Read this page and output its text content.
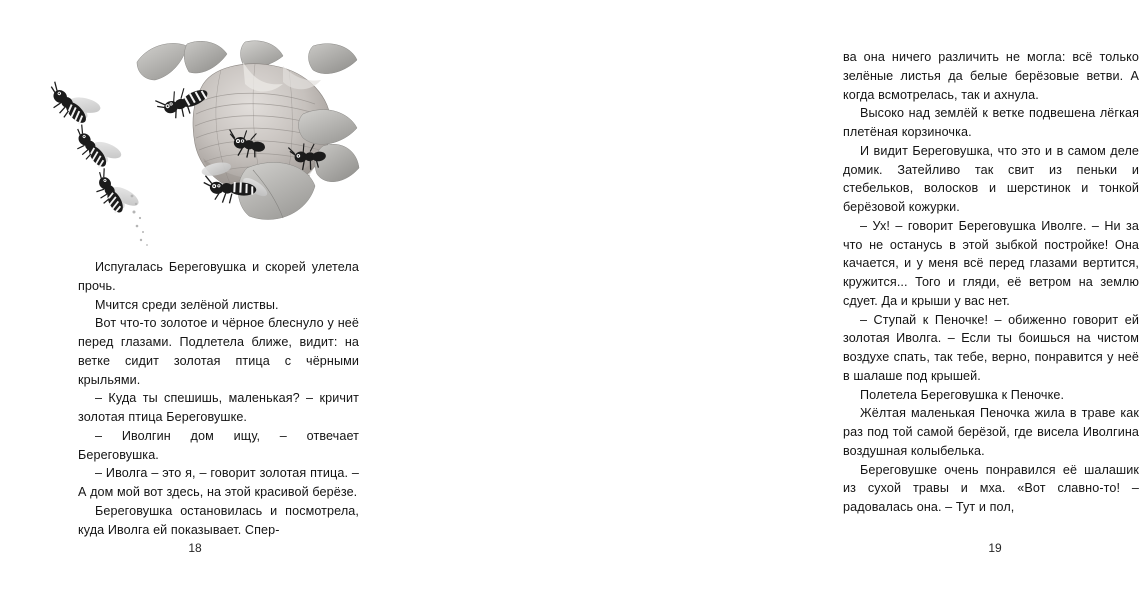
Испугалась Береговушка и скорей улетела прочь.

Мчится среди зелёной листвы.

Вот что-то золотое и чёрное блеснуло у неё перед глазами. Подлетела ближе, видит: на ветке сидит золотая птица с чёрными крыльями.

– Куда ты спешишь, маленькая? – кричит золотая птица Береговушке.

– Иволгин дом ищу, – отвечает Береговушка.

– Иволга – это я, – говорит золотая птица. – А дом мой вот здесь, на этой красивой берёзе.

Береговушка остановилась и посмотрела, куда Иволга ей показывает. Спер-

18

ва она ничего различить не могла: всё только зелёные листья да белые берёзовые ветви. А когда всмотрелась, так и ахнула.

Высоко над землёй к ветке подвешена лёгкая плетёная корзиночка.

И видит Береговушка, что это и в самом деле домик. Затейливо так свит из пеньки и стебельков, волосков и шерстинок и тонкой берёзовой кожурки.

– Ух! – говорит Береговушка Иволге. – Ни за что не останусь в этой зыбкой постройке! Она качается, и у меня всё перед глазами вертится, кружится... Того и гляди, её ветром на землю сдует. Да и крыши у вас нет.

– Ступай к Пеночке! – обиженно говорит ей золотая Иволга. – Если ты боишься на чистом воздухе спать, так тебе, верно, понравится у неё в шалаше под крышей.

Полетела Береговушка к Пеночке.

Жёлтая маленькая Пеночка жила в траве как раз под той самой берёзой, где висела Иволгина воздушная колыбелька.

Береговушке очень понравился её шалашик из сухой травы и мха. «Вот славно-то! – радовалась она. – Тут и пол,

19
